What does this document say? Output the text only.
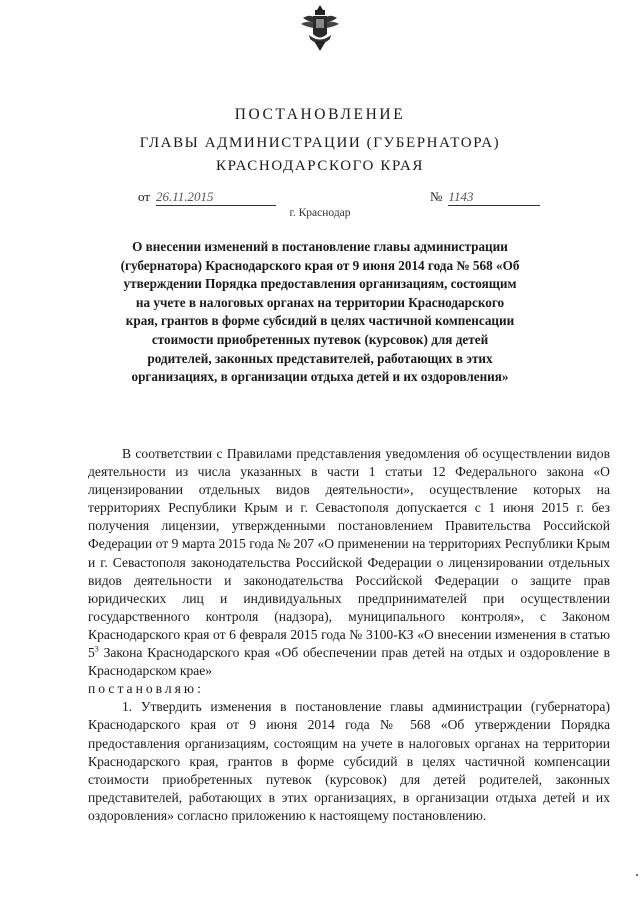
ПОСТАНОВЛЕНИЕ
ГЛАВЫ АДМИНИСТРАЦИИ (ГУБЕРНАТОРА)
КРАСНОДАРСКОГО КРАЯ
от 26.11.2015	№ 1143
г. Краснодар
О внесении изменений в постановление главы администрации (губернатора) Краснодарского края от 9 июня 2014 года № 568 «Об утверждении Порядка предоставления организациям, состоящим на учете в налоговых органах на территории Краснодарского края, грантов в форме субсидий в целях частичной компенсации стоимости приобретенных путевок (курсовок) для детей родителей, законных представителей, работающих в этих организациях, в организации отдыха детей и их оздоровления»

В соответствии с Правилами представления уведомления об осуществлении видов деятельности из числа указанных в части 1 статьи 12 Федерального закона «О лицензировании отдельных видов деятельности», осуществление которых на территориях Республики Крым и г. Севастополя допускается с 1 июня 2015 г. без получения лицензии, утвержденными постановлением Правительства Российской Федерации от 9 марта 2015 года № 207 «О применении на территориях Республики Крым и г. Севастополя законодательства Российской Федерации о лицензировании отдельных видов деятельности и законодательства Российской Федерации о защите прав юридических лиц и индивидуальных предпринимателей при осуществлении государственного контроля (надзора), муниципального контроля», с Законом Краснодарского края от 6 февраля 2015 года № 3100-КЗ «О внесении изменения в статью $5^3$ Закона Краснодарского края «Об обеспечении прав детей на отдых и оздоровление в Краснодарском крае»

постановляю:

1. Утвердить изменения в постановление главы администрации (губернатора) Краснодарского края от 9 июня 2014 года № 568 «Об утверждении Порядка предоставления организациям, состоящим на учете в налоговых органах на территории Краснодарского края, грантов в форме субсидий в целях частичной компенсации стоимости приобретенных путевок (курсовок) для детей родителей, законных представителей, работающих в этих организациях, в организации отдыха детей и их оздоровления» согласно приложению к настоящему постановлению.
